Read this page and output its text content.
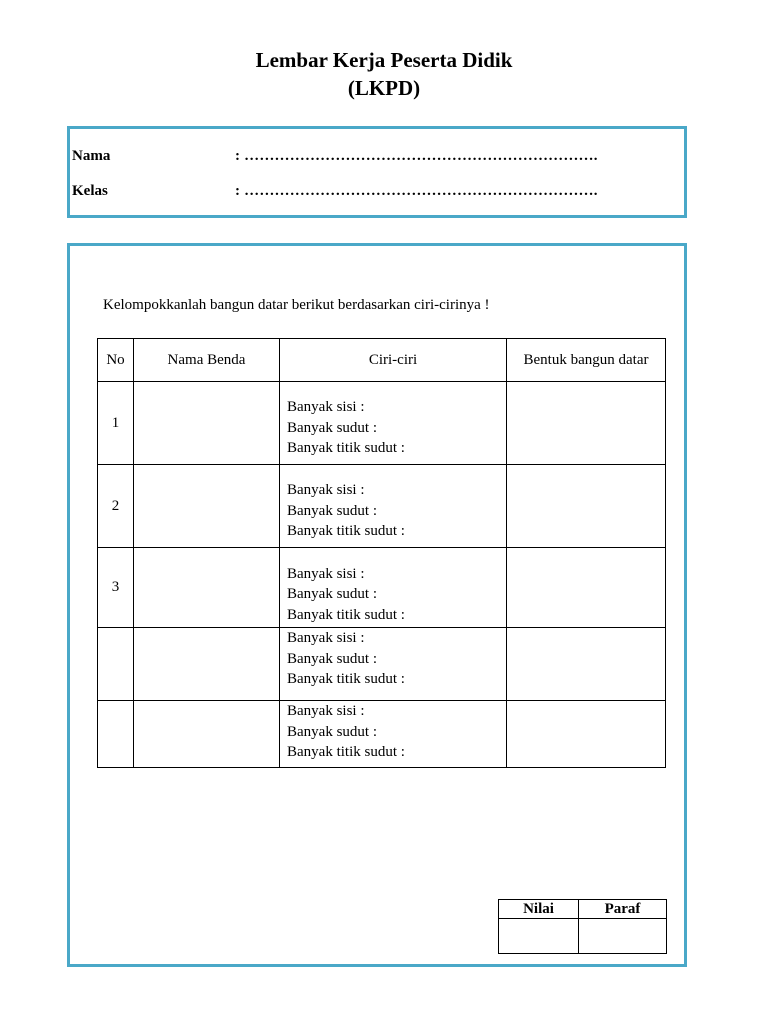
Lembar Kerja Peserta Didik
(LKPD)
Nama	: …………………………………………………………….
Kelas	: …………………………………………………………….
Kelompokkanlah bangun datar berikut berdasarkan ciri-cirinya !
No	Nama Benda	Ciri-ciri	Bentuk bangun datar
1		Banyak sisi :
Banyak sudut :
Banyak titik sudut :	

2		Banyak sisi :
Banyak sudut :
Banyak titik sudut :	

3		Banyak sisi :
Banyak sudut :
Banyak titik sudut :	

		Banyak sisi :
Banyak sudut :
Banyak titik sudut :	

		Banyak sisi :
Banyak sudut :
Banyak titik sudut :	

Nilai	Paraf
